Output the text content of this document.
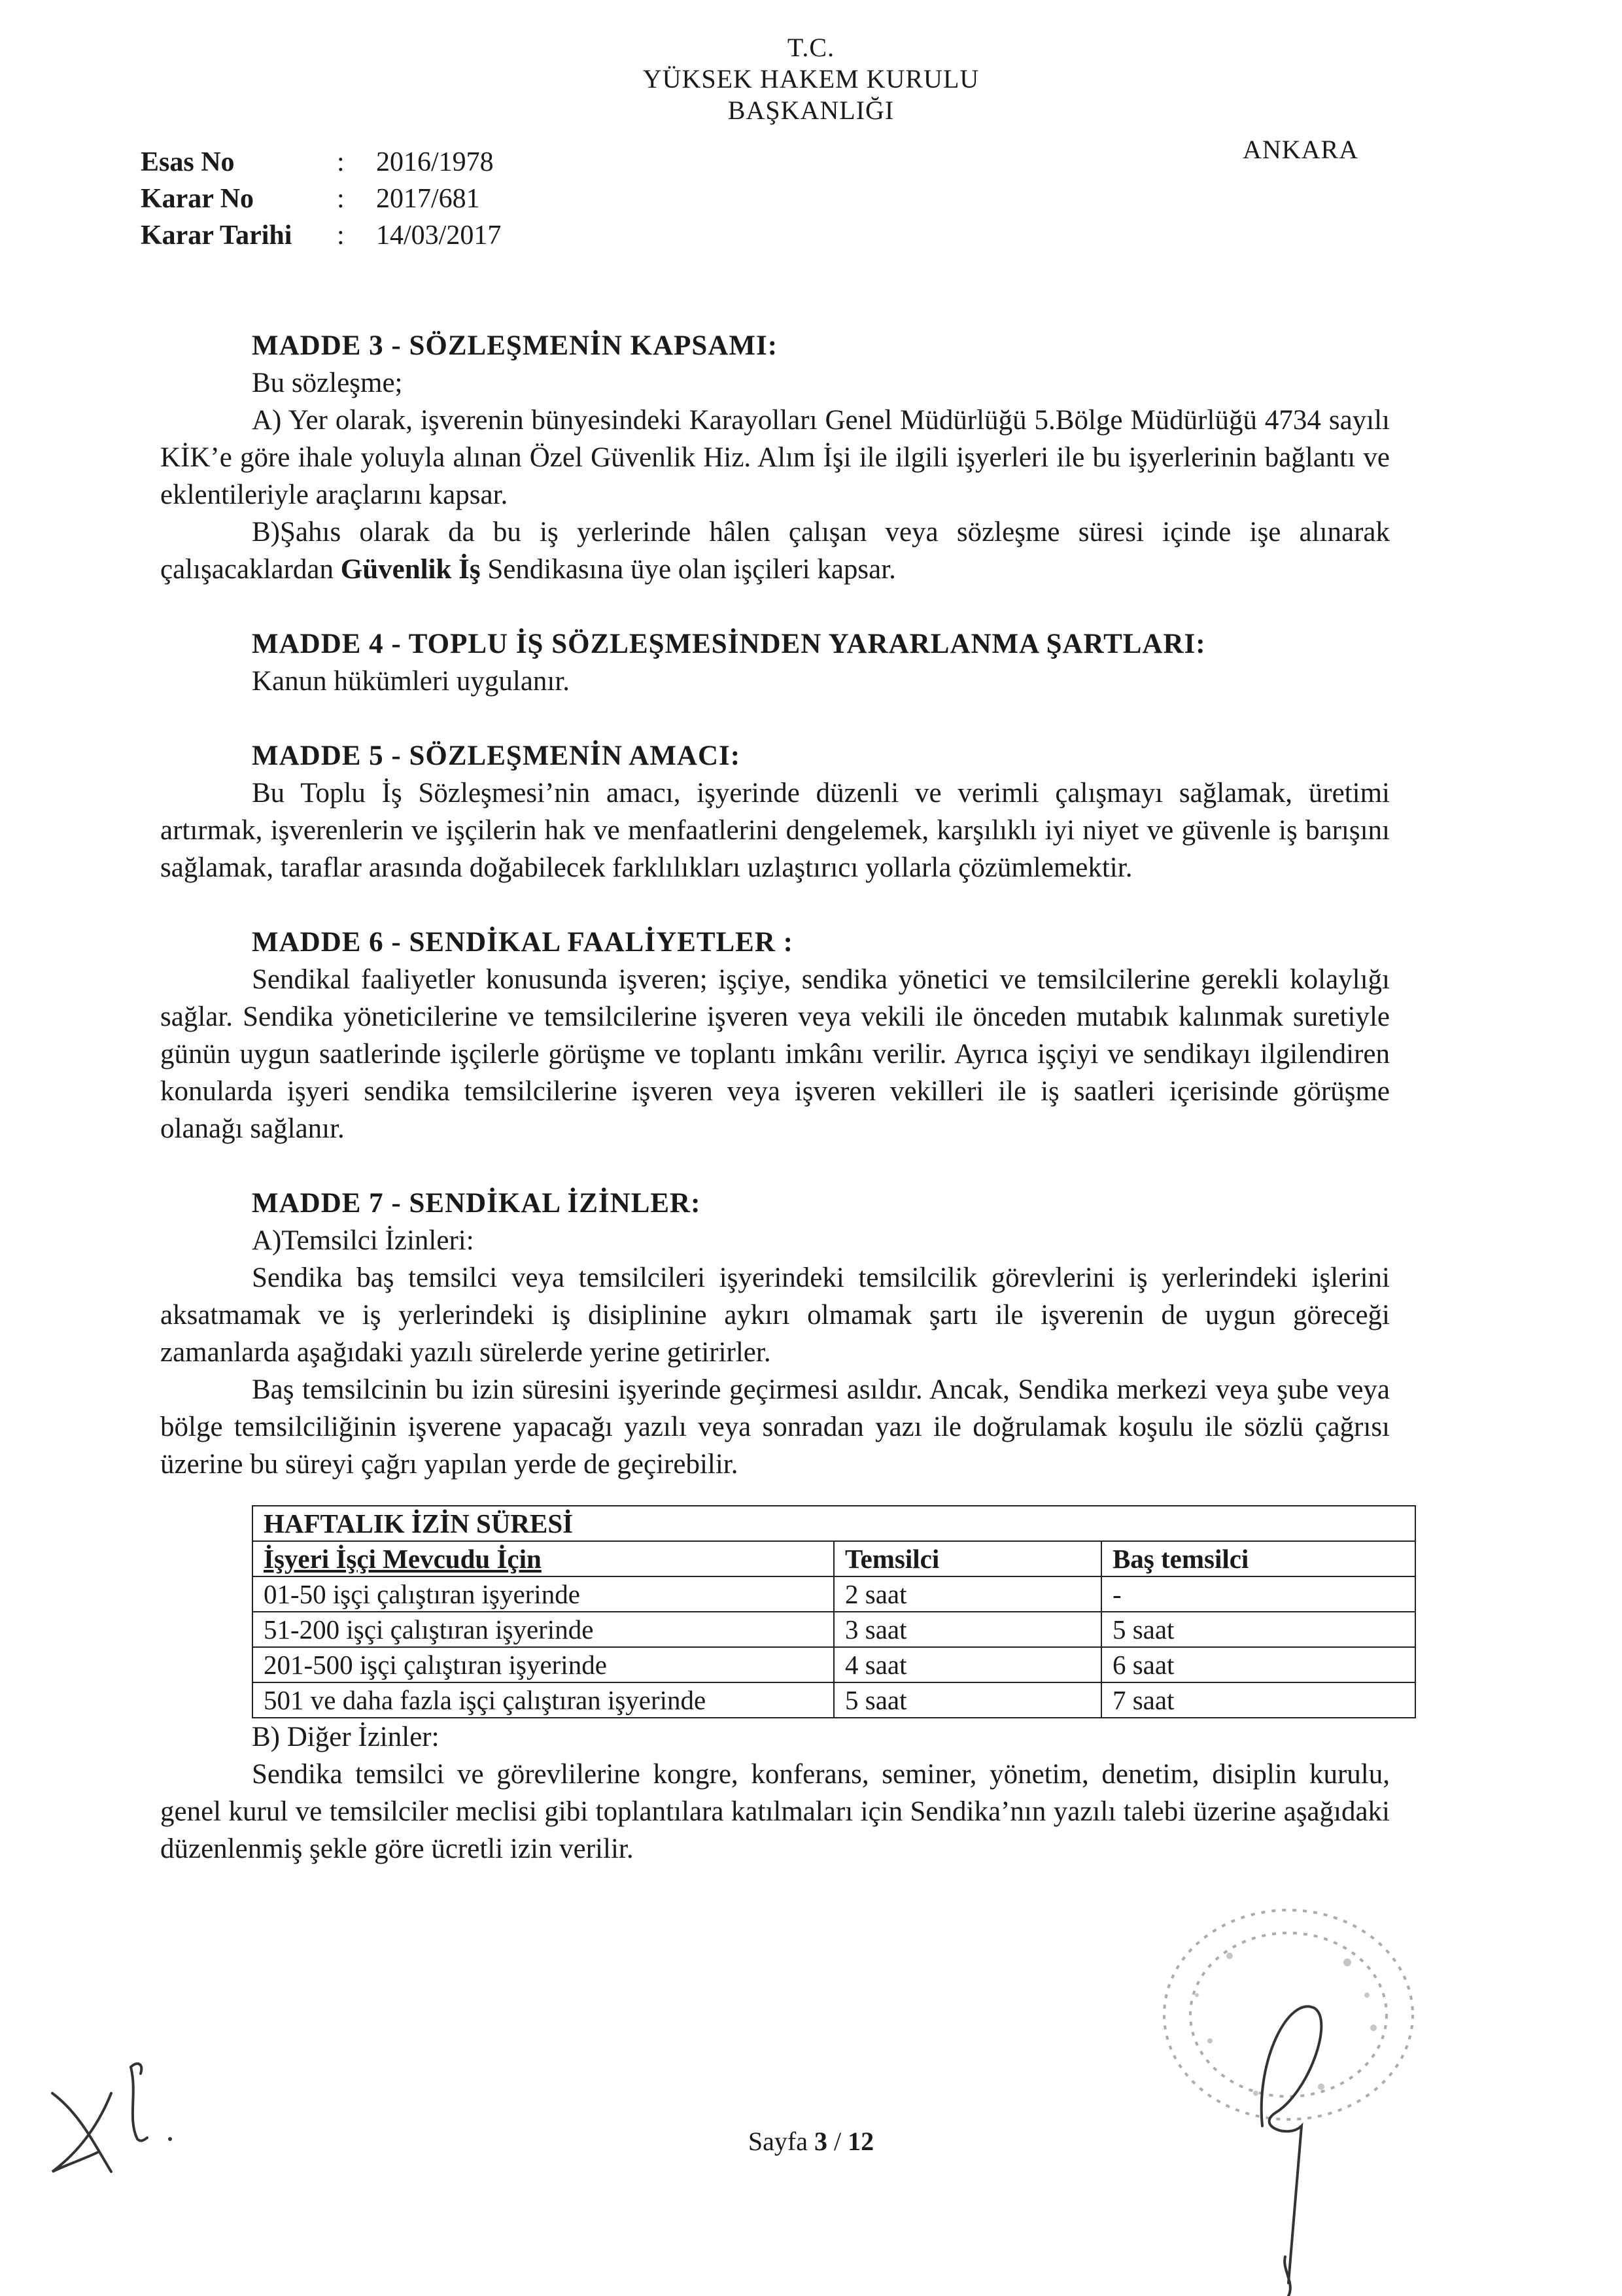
T.C.
YÜKSEK HAKEM KURULU
BAŞKANLIĞI
ANKARA
Esas No	:	2016/1978
Karar No	:	2017/681
Karar Tarihi	:	14/03/2017

MADDE 3 - SÖZLEŞMENİN KAPSAMI:

Bu sözleşme;

A) Yer olarak, işverenin bünyesindeki Karayolları Genel Müdürlüğü 5.Bölge Müdürlüğü 4734 sayılı KİK’e göre ihale yoluyla alınan Özel Güvenlik Hiz. Alım İşi ile ilgili işyerleri ile bu işyerlerinin bağlantı ve eklentileriyle araçlarını kapsar.

B)Şahıs olarak da bu iş yerlerinde hâlen çalışan veya sözleşme süresi içinde işe alınarak çalışacaklardan Güvenlik İş Sendikasına üye olan işçileri kapsar.

MADDE 4 - TOPLU İŞ SÖZLEŞMESİNDEN YARARLANMA ŞARTLARI:

Kanun hükümleri uygulanır.

MADDE 5 - SÖZLEŞMENİN AMACI:

Bu Toplu İş Sözleşmesi’nin amacı, işyerinde düzenli ve verimli çalışmayı sağlamak, üretimi artırmak, işverenlerin ve işçilerin hak ve menfaatlerini dengelemek, karşılıklı iyi niyet ve güvenle iş barışını sağlamak, taraflar arasında doğabilecek farklılıkları uzlaştırıcı yollarla çözümlemektir.

MADDE 6 - SENDİKAL FAALİYETLER :

Sendikal faaliyetler konusunda işveren; işçiye, sendika yönetici ve temsilcilerine gerekli kolaylığı sağlar. Sendika yöneticilerine ve temsilcilerine işveren veya vekili ile önceden mutabık kalınmak suretiyle günün uygun saatlerinde işçilerle görüşme ve toplantı imkânı verilir. Ayrıca işçiyi ve sendikayı ilgilendiren konularda işyeri sendika temsilcilerine işveren veya işveren vekilleri ile iş saatleri içerisinde görüşme olanağı sağlanır.

MADDE 7 - SENDİKAL İZİNLER:

A)Temsilci İzinleri:

Sendika baş temsilci veya temsilcileri işyerindeki temsilcilik görevlerini iş yerlerindeki işlerini aksatmamak ve iş yerlerindeki iş disiplinine aykırı olmamak şartı ile işverenin de uygun göreceği zamanlarda aşağıdaki yazılı sürelerde yerine getirirler.

Baş temsilcinin bu izin süresini işyerinde geçirmesi asıldır. Ancak, Sendika merkezi veya şube veya bölge temsilciliğinin işverene yapacağı yazılı veya sonradan yazı ile doğrulamak koşulu ile sözlü çağrısı üzerine bu süreyi çağrı yapılan yerde de geçirebilir.

HAFTALIK İZİN SÜRESİ		
İşyeri İşçi Mevcudu İçin	Temsilci	Baş temsilci
01-50 işçi çalıştıran işyerinde	2 saat	-
51-200 işçi çalıştıran işyerinde	3 saat	5 saat
201-500 işçi çalıştıran işyerinde	4 saat	6 saat
501 ve daha fazla işçi çalıştıran işyerinde	5 saat	7 saat

B) Diğer İzinler:

Sendika temsilci ve görevlilerine kongre, konferans, seminer, yönetim, denetim, disiplin kurulu, genel kurul ve temsilciler meclisi gibi toplantılara katılmaları için Sendika’nın yazılı talebi üzerine aşağıdaki düzenlenmiş şekle göre ücretli izin verilir.

Sayfa 3 / 12
